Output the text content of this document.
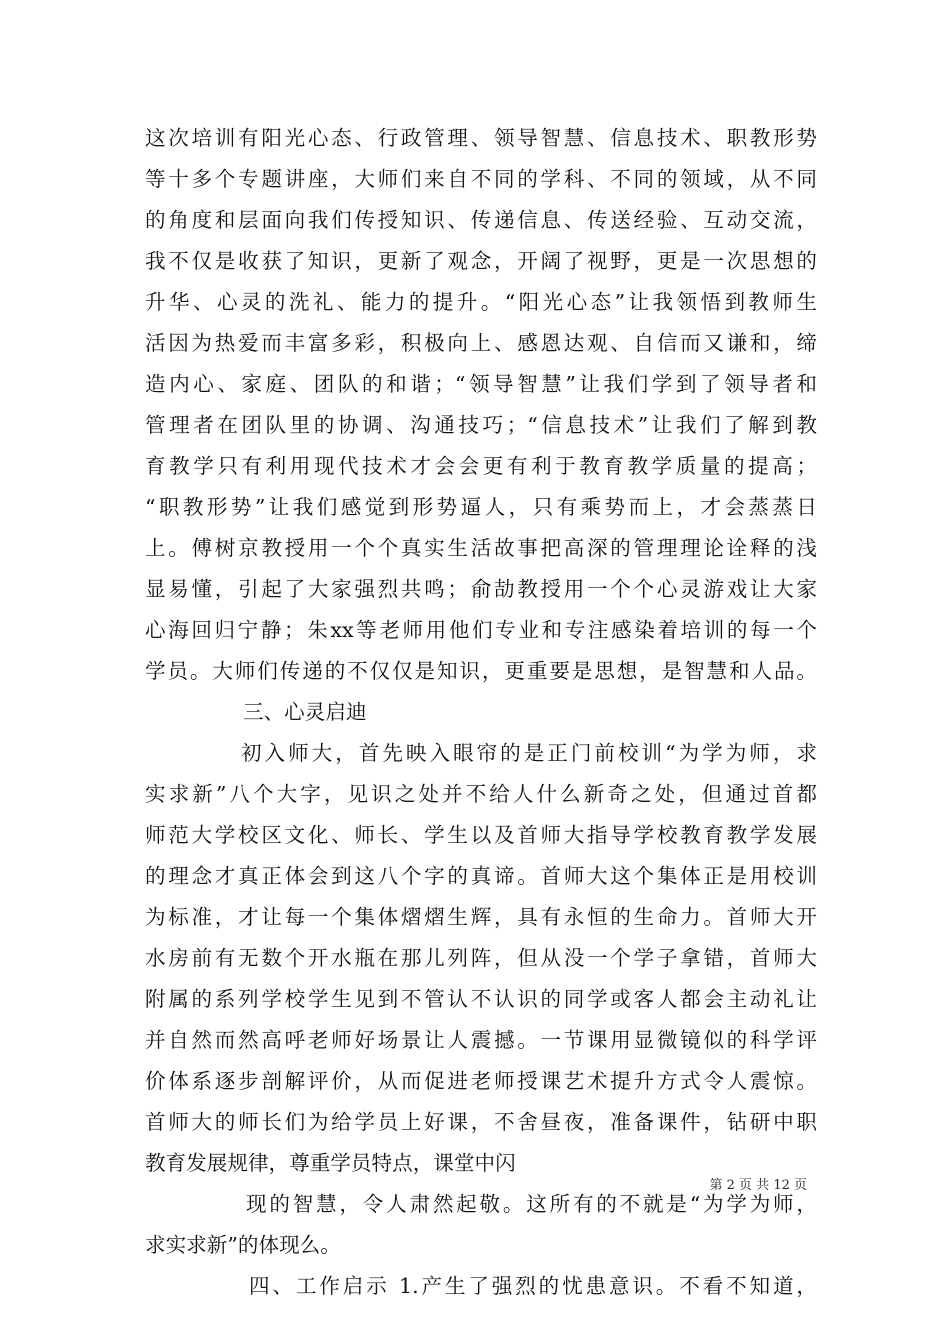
这次培训有阳光心态、行政管理、领导智慧、信息技术、职教形势
等十多个专题讲座，大师们来自不同的学科、不同的领域，从不同
的角度和层面向我们传授知识、传递信息、传送经验、互动交流，
我不仅是收获了知识，更新了观念，开阔了视野，更是一次思想的
升华、心灵的洗礼、能力的提升。“阳光心态”让我领悟到教师生
活因为热爱而丰富多彩，积极向上、感恩达观、自信而又谦和，缔
造内心、家庭、团队的和谐；“领导智慧”让我们学到了领导者和
管理者在团队里的协调、沟通技巧；“信息技术”让我们了解到教
育教学只有利用现代技术才会会更有利于教育教学质量的提高；
“职教形势”让我们感觉到形势逼人，只有乘势而上，才会蒸蒸日
上。傅树京教授用一个个真实生活故事把高深的管理理论诠释的浅
显易懂，引起了大家强烈共鸣；俞劼教授用一个个心灵游戏让大家
心海回归宁静；朱xx等老师用他们专业和专注感染着培训的每一个
学员。大师们传递的不仅仅是知识，更重要是思想，是智慧和人品。
三、心灵启迪
初入师大，首先映入眼帘的是正门前校训“为学为师，求
实求新”八个大字，见识之处并不给人什么新奇之处，但通过首都
师范大学校区文化、师长、学生以及首师大指导学校教育教学发展
的理念才真正体会到这八个字的真谛。首师大这个集体正是用校训
为标准，才让每一个集体熠熠生辉，具有永恒的生命力。首师大开
水房前有无数个开水瓶在那儿列阵，但从没一个学子拿错，首师大
附属的系列学校学生见到不管认不认识的同学或客人都会主动礼让
并自然而然高呼老师好场景让人震撼。一节课用显微镜似的科学评
价体系逐步剖解评价，从而促进老师授课艺术提升方式令人震惊。
首师大的师长们为给学员上好课，不舍昼夜，准备课件，钻研中职
教育发展规律，尊重学员特点，课堂中闪
现的智慧，令人肃然起敬。这所有的不就是“为学为师，
求实求新”的体现么。
四、工作启示 1.产生了强烈的忧患意识。不看不知道，
第 2 页 共 12 页
